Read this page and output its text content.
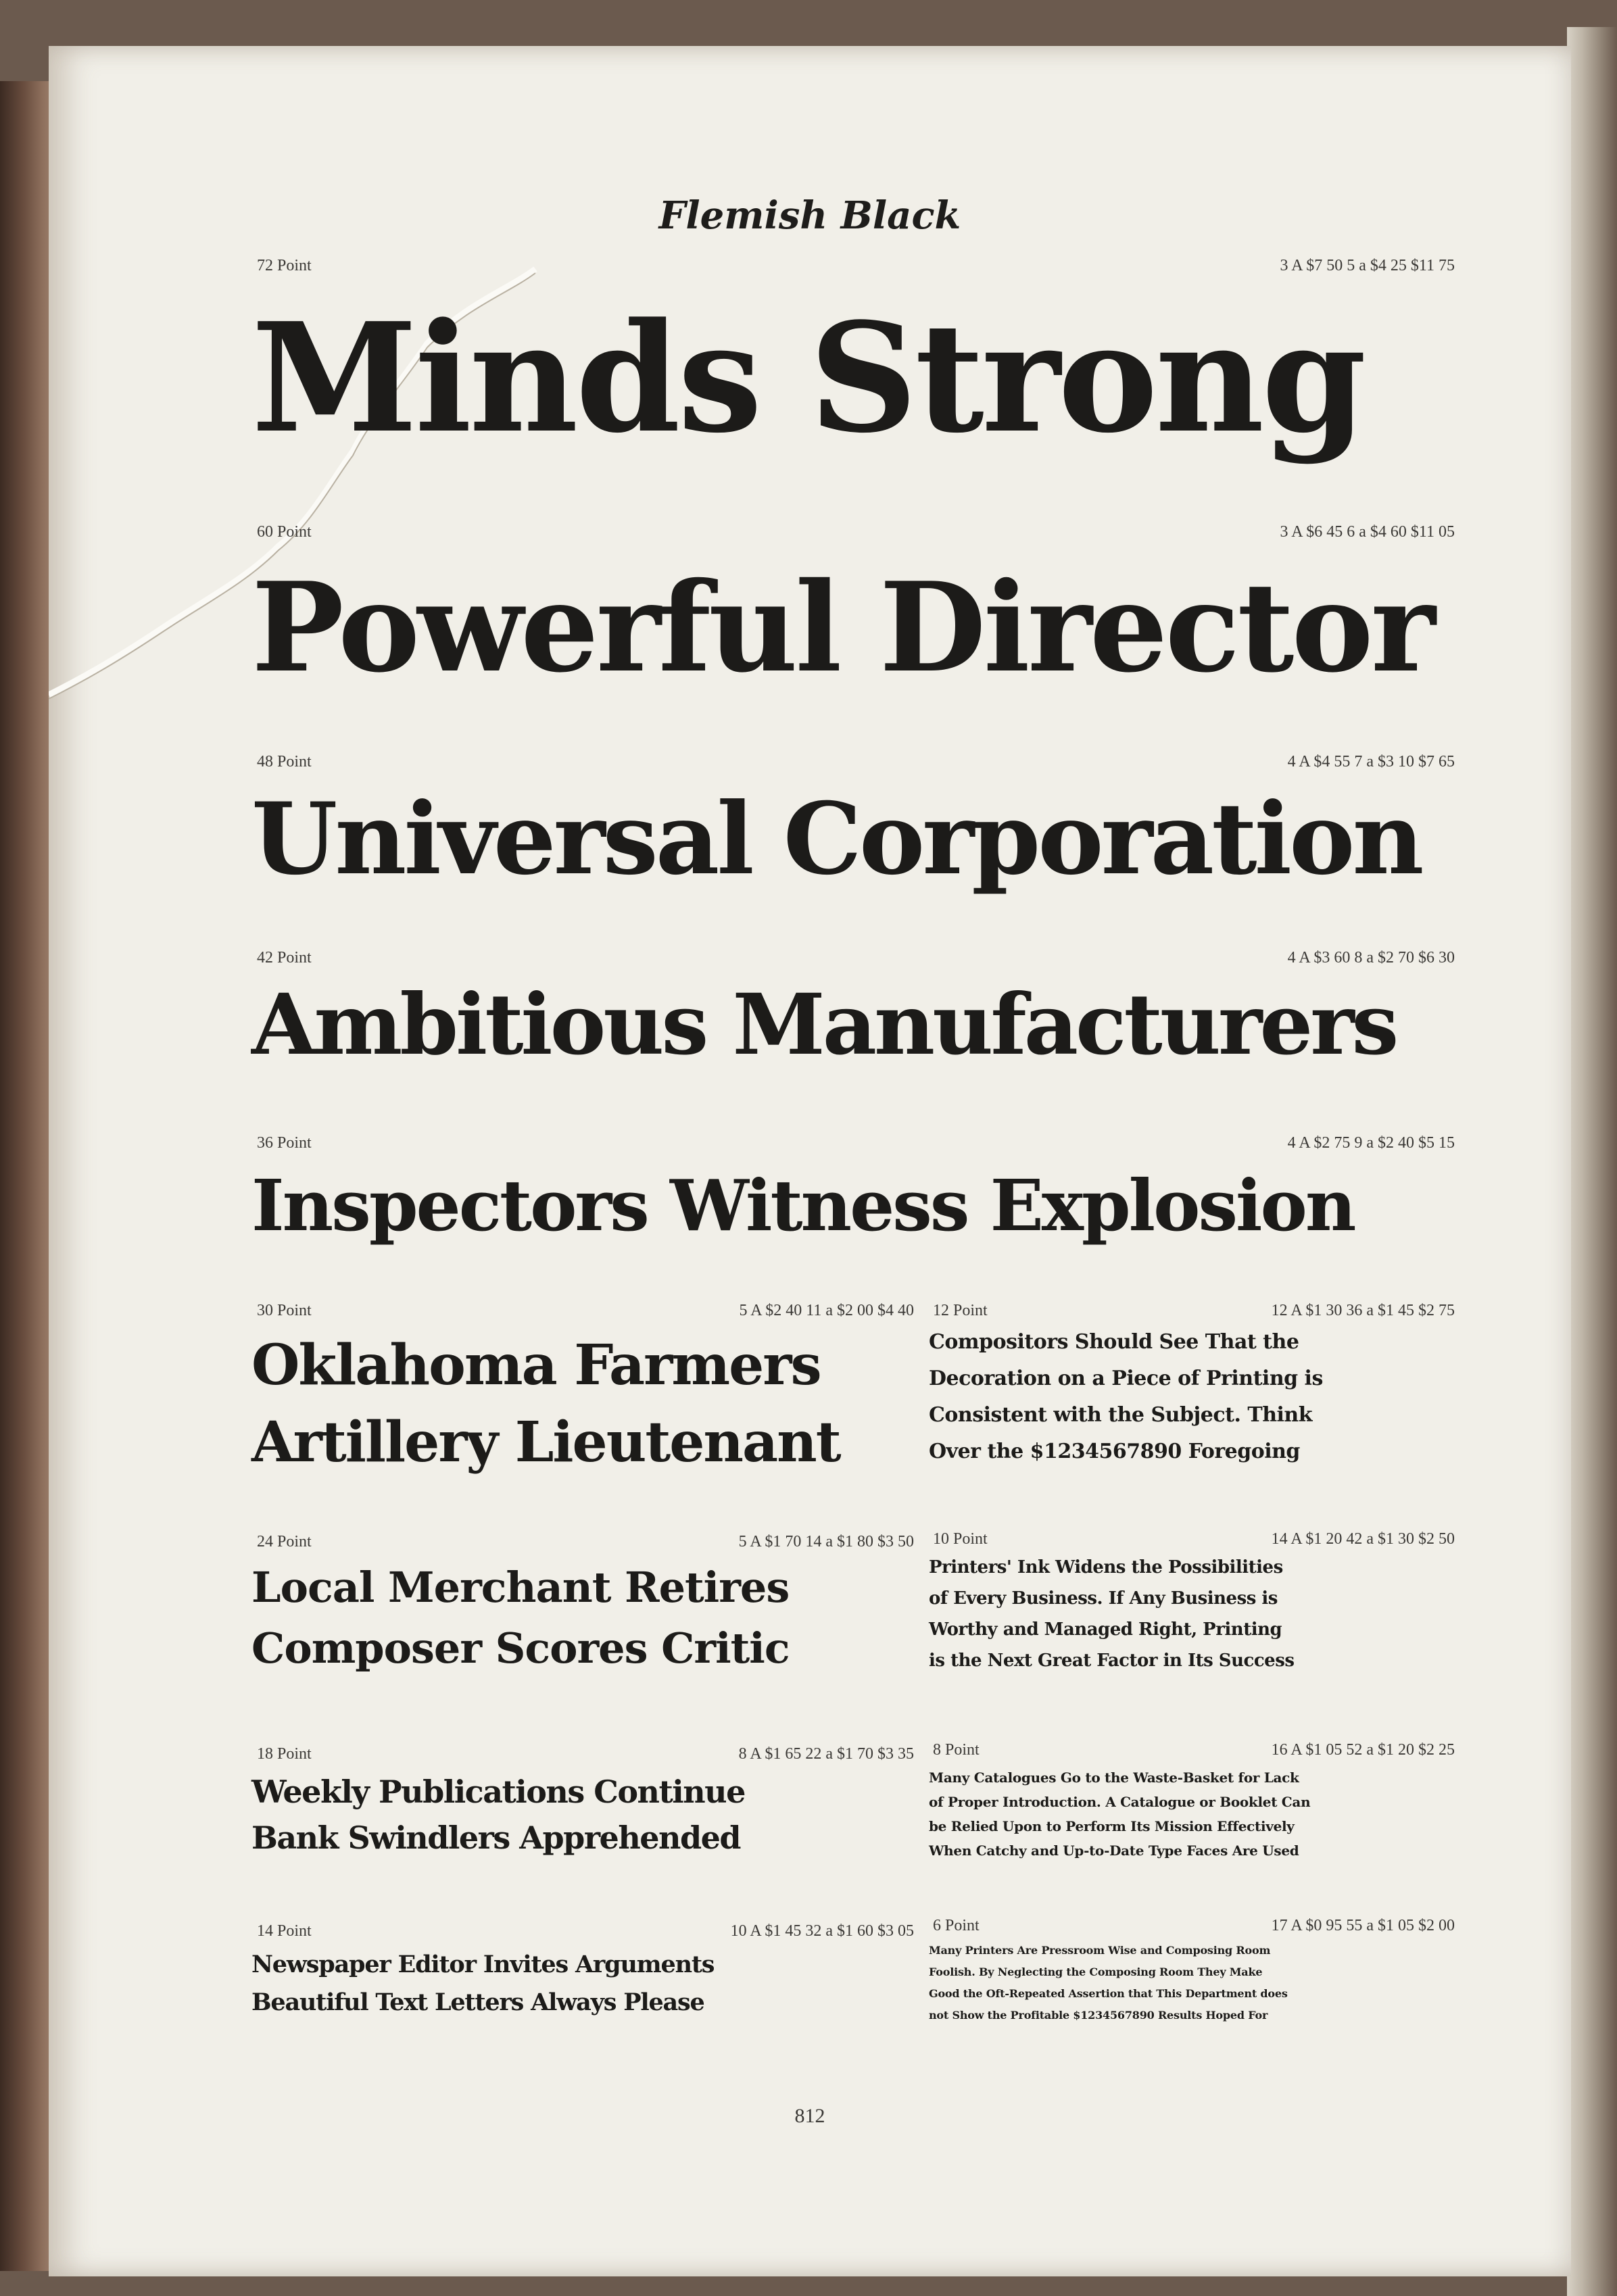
Flemish Black
72 Point	3 A $7 50 5 a $4 25 $11 75
Minds Strong
60 Point	3 A $6 45 6 a $4 60 $11 05
Powerful Director
48 Point	4 A $4 55 7 a $3 10 $7 65
Universal Corporation
42 Point	4 A $3 60 8 a $2 70 $6 30
Ambitious Manufacturers
36 Point	4 A $2 75 9 a $2 40 $5 15
Inspectors Witness Explosion
30 Point	5 A $2 40 11 a $2 00 $4 40
Oklahoma Farmers
Artillery Lieutenant
24 Point	5 A $1 70 14 a $1 80 $3 50
Local Merchant Retires
Composer Scores Critic
18 Point	8 A $1 65 22 a $1 70 $3 35
Weekly Publications Continue
Bank Swindlers Apprehended
14 Point	10 A $1 45 32 a $1 60 $3 05
Newspaper Editor Invites Arguments
Beautiful Text Letters Always Please
12 Point	12 A $1 30 36 a $1 45 $2 75
Compositors Should See That the
Decoration on a Piece of Printing is
Consistent with the Subject. Think
Over the $1234567890 Foregoing
10 Point	14 A $1 20 42 a $1 30 $2 50
Printers' Ink Widens the Possibilities
of Every Business. If Any Business is
Worthy and Managed Right, Printing
is the Next Great Factor in Its Success
8 Point	16 A $1 05 52 a $1 20 $2 25
Many Catalogues Go to the Waste-Basket for Lack
of Proper Introduction. A Catalogue or Booklet Can
be Relied Upon to Perform Its Mission Effectively
When Catchy and Up-to-Date Type Faces Are Used
6 Point	17 A $0 95 55 a $1 05 $2 00
Many Printers Are Pressroom Wise and Composing Room
Foolish. By Neglecting the Composing Room They Make
Good the Oft-Repeated Assertion that This Department does
not Show the Profitable $1234567890 Results Hoped For
812
